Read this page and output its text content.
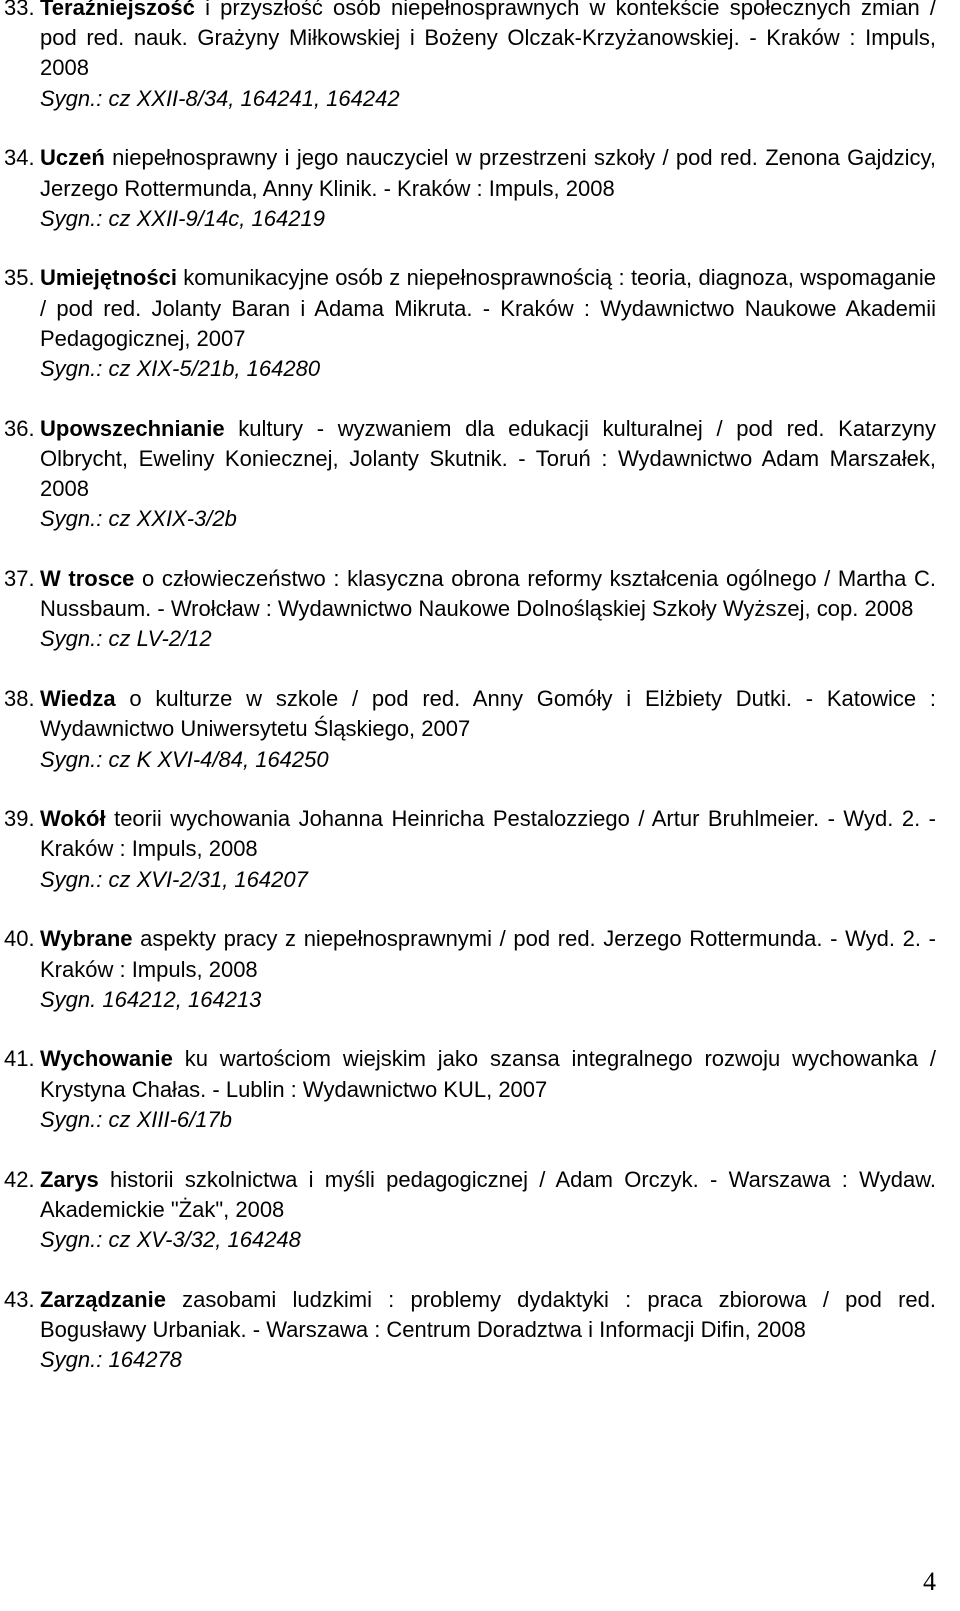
33. Teraźniejszość i przyszłość osób niepełnosprawnych w kontekście społecznych zmian / pod red. nauk. Grażyny Miłkowskiej i Bożeny Olczak-Krzyżanowskiej. - Kraków : Impuls, 2008
Sygn.: cz XXII-8/34, 164241, 164242
34. Uczeń niepełnosprawny i jego nauczyciel w przestrzeni szkoły / pod red. Zenona Gajdzicy, Jerzego Rottermunda, Anny Klinik. - Kraków : Impuls, 2008
Sygn.: cz XXII-9/14c, 164219
35. Umiejętności komunikacyjne osób z niepełnosprawnością : teoria, diagnoza, wspomaganie / pod red. Jolanty Baran i Adama Mikruta. - Kraków : Wydawnictwo Naukowe Akademii Pedagogicznej, 2007
Sygn.: cz XIX-5/21b, 164280
36. Upowszechnianie kultury - wyzwaniem dla edukacji kulturalnej / pod red. Katarzyny Olbrycht, Eweliny Koniecznej, Jolanty Skutnik. - Toruń : Wydawnictwo Adam Marszałek, 2008
Sygn.: cz XXIX-3/2b
37. W trosce o człowieczeństwo : klasyczna obrona reformy kształcenia ogólnego / Martha C. Nussbaum. - Wrołcław : Wydawnictwo Naukowe Dolnośląskiej Szkoły Wyższej, cop. 2008
Sygn.: cz LV-2/12
38. Wiedza o kulturze w szkole / pod red. Anny Gomóły i Elżbiety Dutki. - Katowice : Wydawnictwo Uniwersytetu Śląskiego, 2007
Sygn.: cz K XVI-4/84, 164250
39. Wokół teorii wychowania Johanna Heinricha Pestalozziego / Artur Bruhlmeier. - Wyd. 2. - Kraków : Impuls, 2008
Sygn.: cz XVI-2/31, 164207
40. Wybrane aspekty pracy z niepełnosprawnymi / pod red. Jerzego Rottermunda. - Wyd. 2. - Kraków : Impuls, 2008
Sygn. 164212, 164213
41. Wychowanie ku wartościom wiejskim jako szansa integralnego rozwoju wychowanka / Krystyna Chałas. - Lublin : Wydawnictwo KUL, 2007
Sygn.: cz XIII-6/17b
42. Zarys historii szkolnictwa i myśli pedagogicznej / Adam Orczyk. - Warszawa : Wydaw. Akademickie "Żak", 2008
Sygn.: cz XV-3/32, 164248
43. Zarządzanie zasobami ludzkimi : problemy dydaktyki : praca zbiorowa / pod red. Bogusławy Urbaniak. - Warszawa : Centrum Doradztwa i Informacji Difin, 2008
Sygn.: 164278
4
